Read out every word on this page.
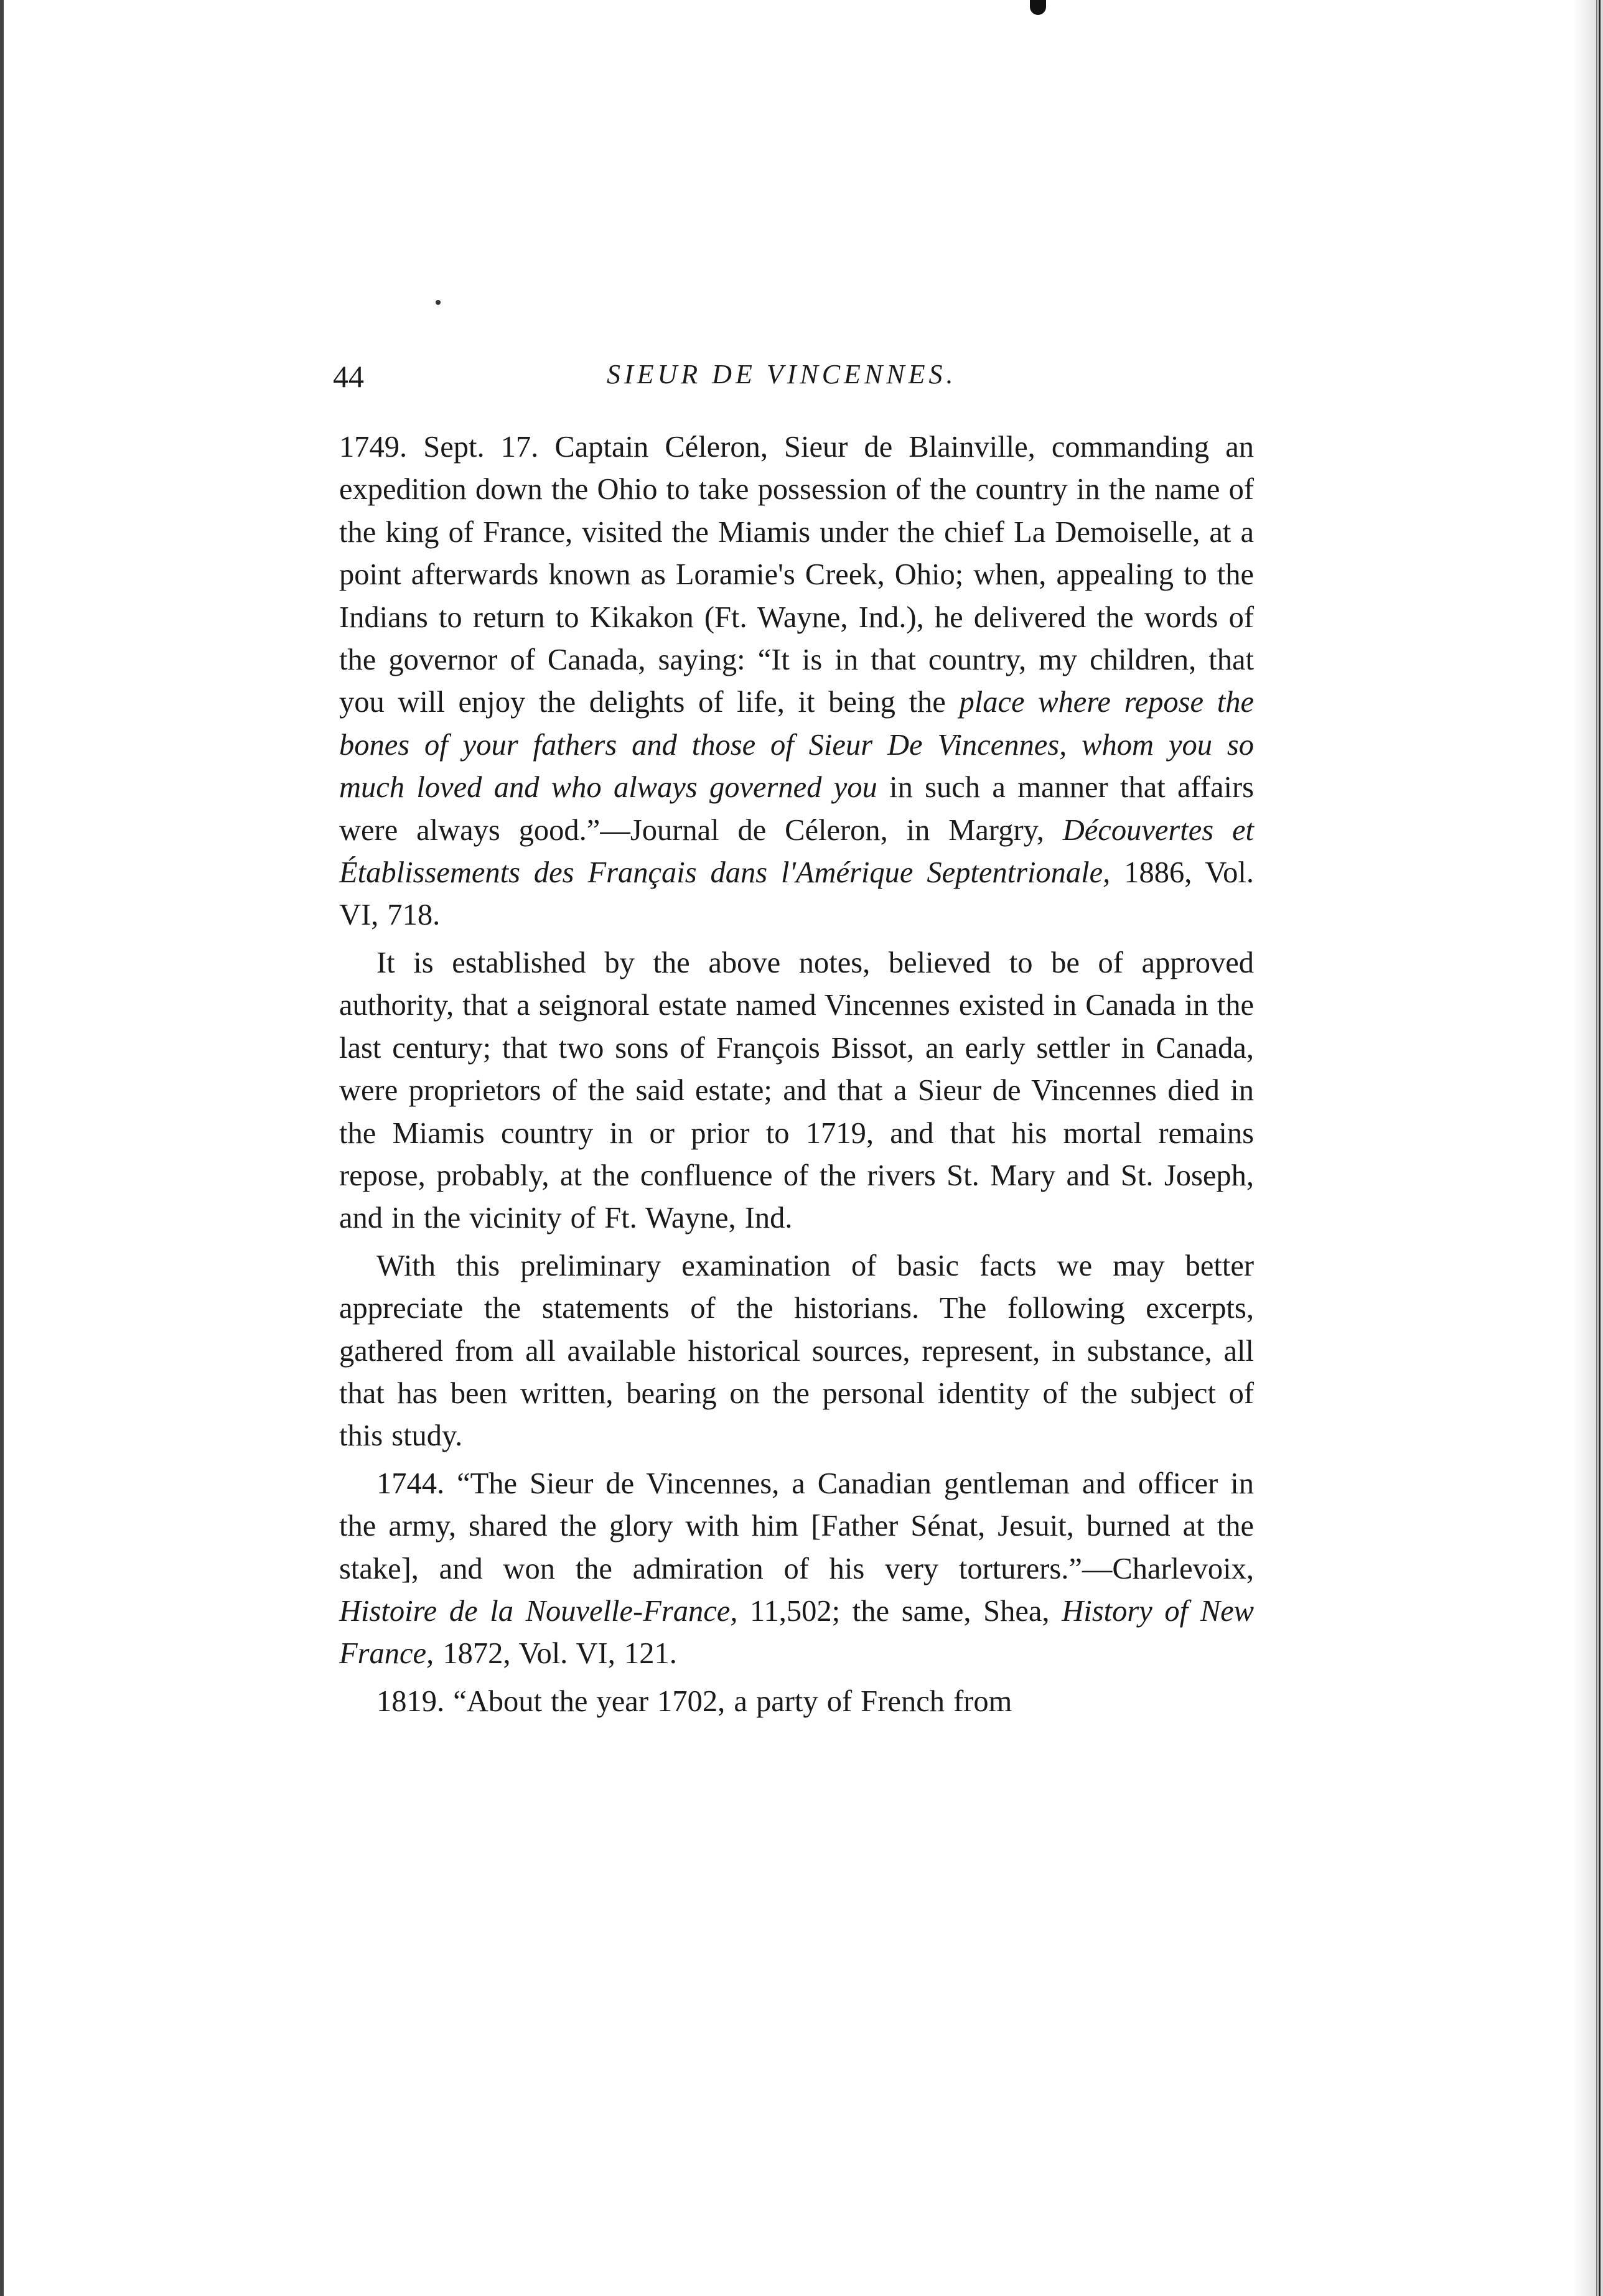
44	SIEUR DE VINCENNES.

1749. Sept. 17. Captain Céleron, Sieur de Blainville, commanding an expedition down the Ohio to take possession of the country in the name of the king of France, visited the Miamis under the chief La Demoiselle, at a point afterwards known as Loramie's Creek, Ohio; when, appealing to the Indians to return to Kikakon (Ft. Wayne, Ind.), he delivered the words of the governor of Canada, saying: “It is in that country, my children, that you will enjoy the delights of life, it being the place where repose the bones of your fathers and those of Sieur De Vincennes, whom you so much loved and who always governed you in such a manner that affairs were always good.”—Journal de Céleron, in Margry, Découvertes et Établissements des Français dans l'Amérique Septentrionale, 1886, Vol. VI, 718.

It is established by the above notes, believed to be of approved authority, that a seignoral estate named Vincennes existed in Canada in the last century; that two sons of François Bissot, an early settler in Canada, were proprietors of the said estate; and that a Sieur de Vincennes died in the Miamis country in or prior to 1719, and that his mortal remains repose, probably, at the confluence of the rivers St. Mary and St. Joseph, and in the vicinity of Ft. Wayne, Ind.

With this preliminary examination of basic facts we may better appreciate the statements of the historians. The following excerpts, gathered from all available historical sources, represent, in substance, all that has been written, bearing on the personal identity of the subject of this study.

1744. “The Sieur de Vincennes, a Canadian gentleman and officer in the army, shared the glory with him [Father Sénat, Jesuit, burned at the stake], and won the admiration of his very torturers.”—Charlevoix, Histoire de la Nouvelle-France, 11,502; the same, Shea, History of New France, 1872, Vol. VI, 121.

1819. “About the year 1702, a party of French from
